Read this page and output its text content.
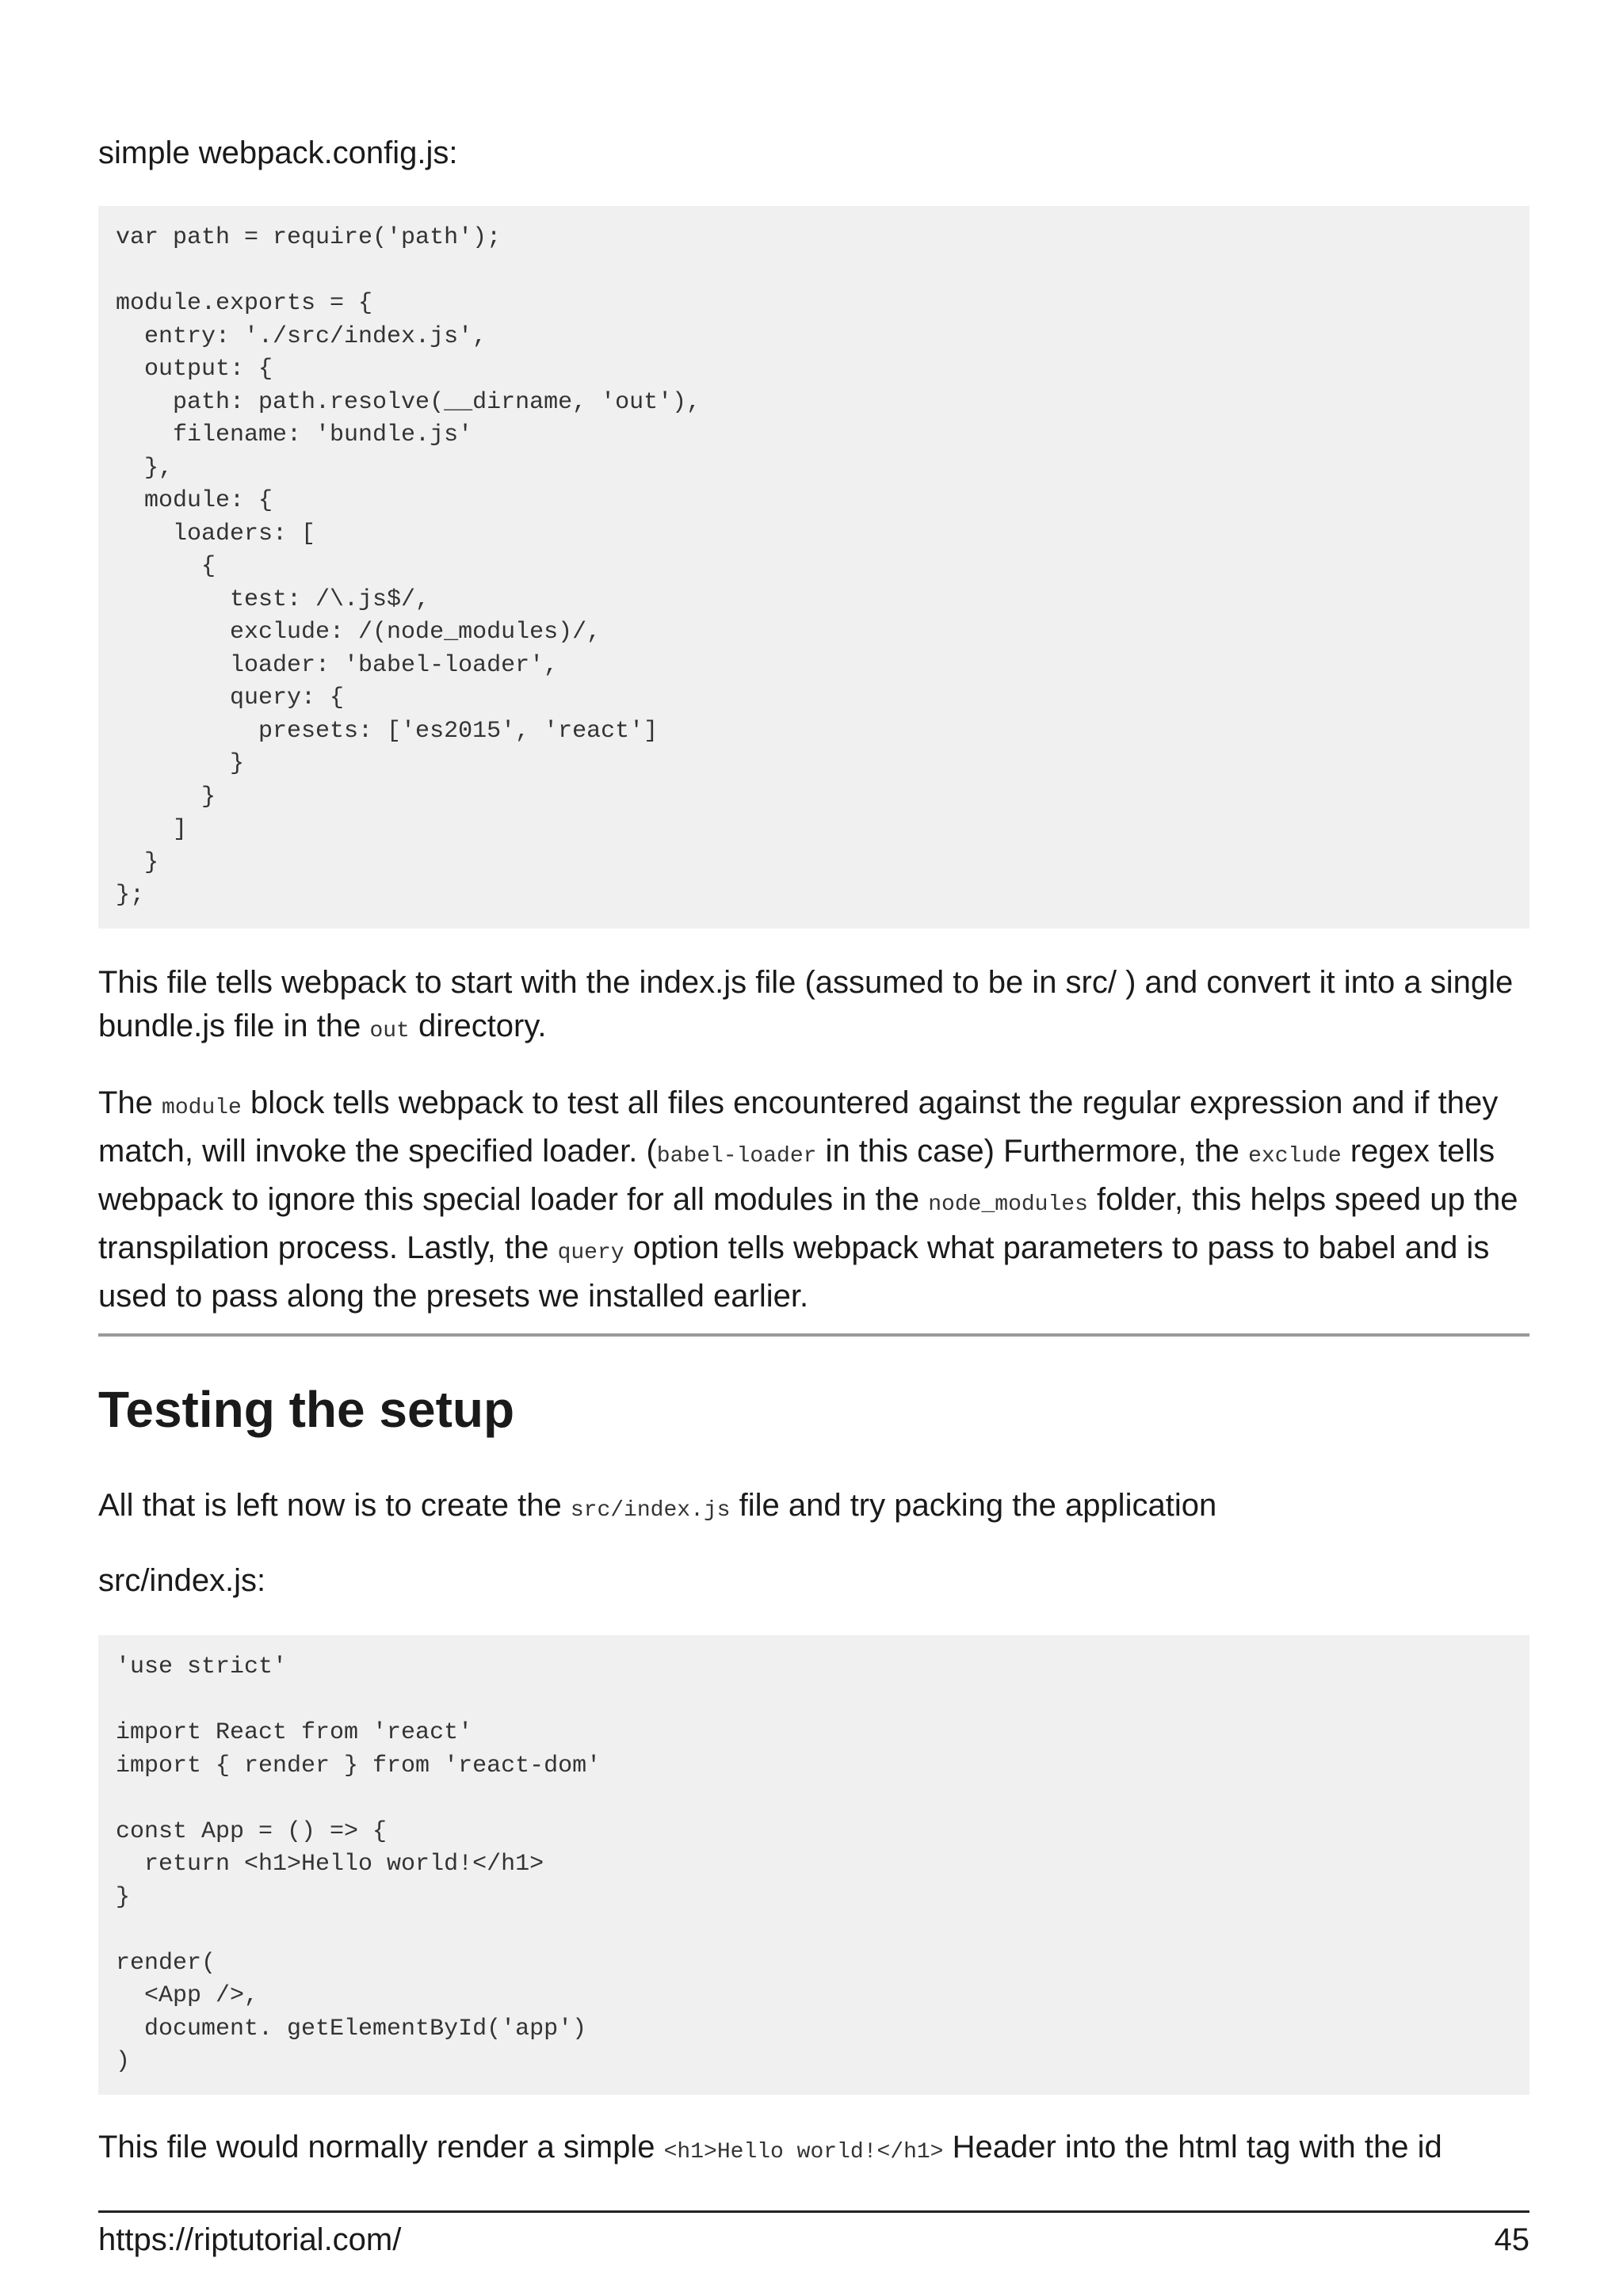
simple webpack.config.js:

var path = require('path');

module.exports = {
entry: './src/index.js',
output: {
path: path.resolve(__dirname, 'out'),
filename: 'bundle.js'
},
module: {
loaders: [
{
test: /\.js$/,
exclude: /(node_modules)/,
loader: 'babel-loader',
query: {
presets: ['es2015', 'react']
}
}
]
}
};

This file tells webpack to start with the index.js file (assumed to be in src/ ) and convert it into a single bundle.js file in the out directory.

The module block tells webpack to test all files encountered against the regular expression and if they match, will invoke the specified loader. (babel-loader in this case) Furthermore, the exclude regex tells webpack to ignore this special loader for all modules in the node_modules folder, this helps speed up the transpilation process. Lastly, the query option tells webpack what parameters to pass to babel and is used to pass along the presets we installed earlier.

Testing the setup

All that is left now is to create the src/index.js file and try packing the application

src/index.js:

'use strict'

import React from 'react'
import { render } from 'react-dom'

const App = () => {
return <h1>Hello world!</h1>
}

render(
<App />,
document. getElementById('app')
)

This file would normally render a simple <h1>Hello world!</h1> Header into the html tag with the id

https://riptutorial.com/	45
